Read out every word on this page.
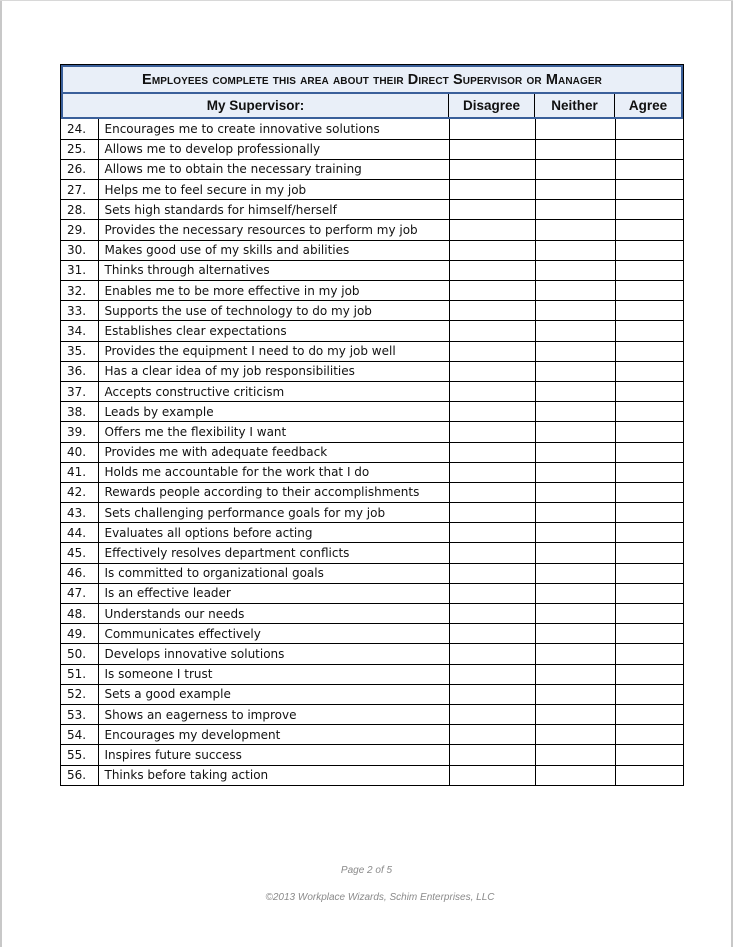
Employees complete this area about their Direct Supervisor or Manager
My Supervisor:	Disagree	Neither	Agree
24.	Encourages me to create innovative solutions			
25.	Allows me to develop professionally			
26.	Allows me to obtain the necessary training			
27.	Helps me to feel secure in my job			
28.	Sets high standards for himself/herself			
29.	Provides the necessary resources to perform my job			
30.	Makes good use of my skills and abilities			
31.	Thinks through alternatives			
32.	Enables me to be more effective in my job			
33.	Supports the use of technology to do my job			
34.	Establishes clear expectations			
35.	Provides the equipment I need to do my job well			
36.	Has a clear idea of my job responsibilities			
37.	Accepts constructive criticism			
38.	Leads by example			
39.	Offers me the flexibility I want			
40.	Provides me with adequate feedback			
41.	Holds me accountable for the work that I do			
42.	Rewards people according to their accomplishments			
43.	Sets challenging performance goals for my job			
44.	Evaluates all options before acting			
45.	Effectively resolves department conflicts			
46.	Is committed to organizational goals			
47.	Is an effective leader			
48.	Understands our needs			
49.	Communicates effectively			
50.	Develops innovative solutions			
51.	Is someone I trust			
52.	Sets a good example			
53.	Shows an eagerness to improve			
54.	Encourages my development			
55.	Inspires future success			
56.	Thinks before taking action			
Page 2 of 5
©2013 Workplace Wizards, Schim Enterprises, LLC
